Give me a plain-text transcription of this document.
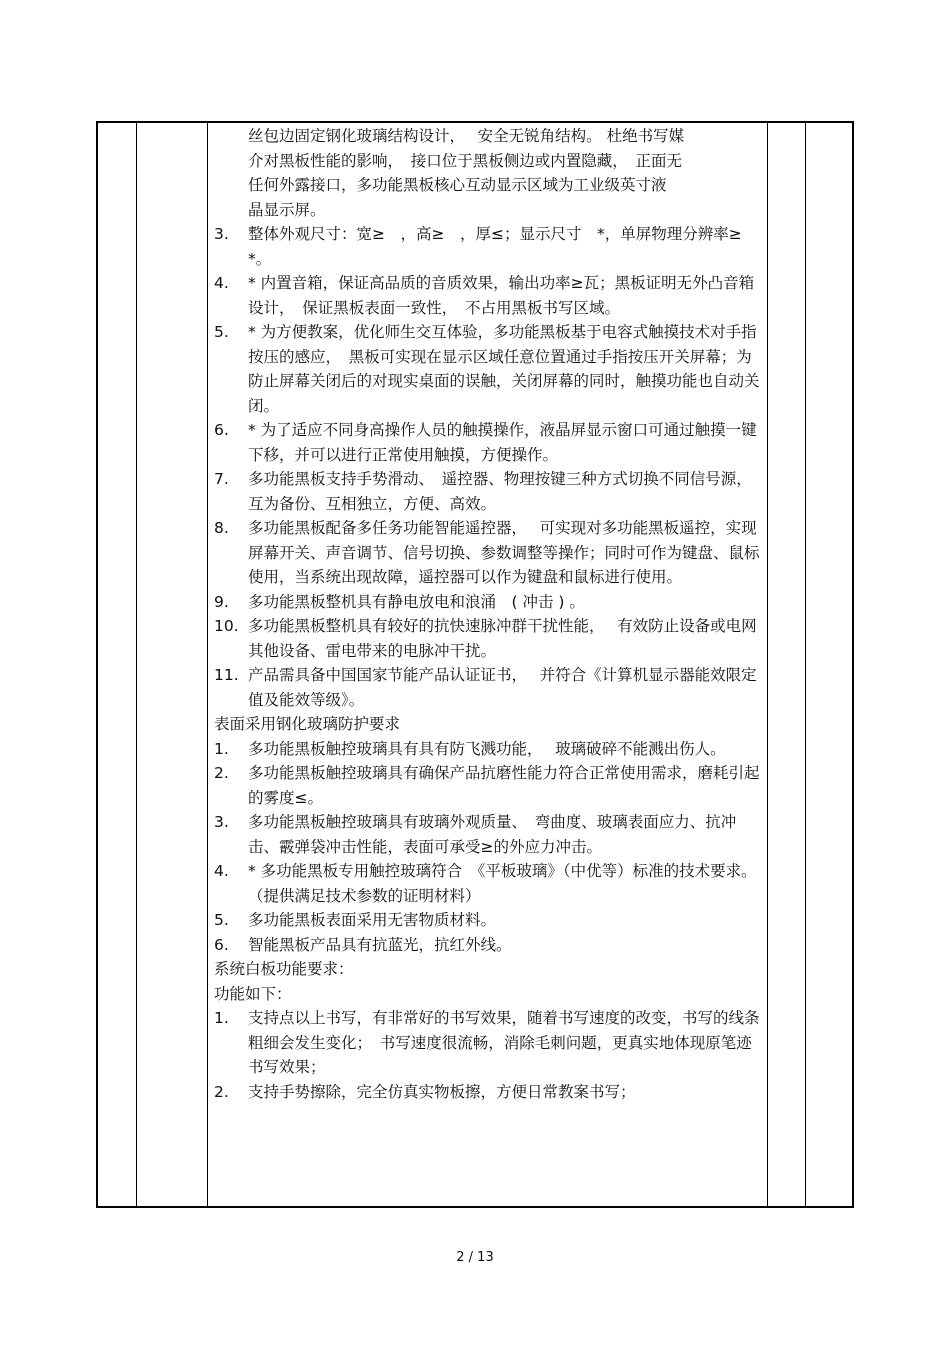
丝包边固定钢化玻璃结构设计，　 安全无锐角结构。 杜绝书写媒
介对黑板性能的影响，　接口位于黑板侧边或内置隐藏，　正面无
任何外露接口，多功能黑板核心互动显示区域为工业级英寸液
晶显示屏。
3.	整体外观尺寸：宽≥　，高≥　，厚≤；显示尺寸　*，单屏物理分辨率≥ *。
4.	* 内置音箱，保证高品质的音质效果，输出功率≥瓦；黑板证明无外凸音箱设计，　保证黑板表面一致性，　不占用黑板书写区域。
5.	* 为方便教案，优化师生交互体验，多功能黑板基于电容式触摸技术对手指按压的感应，　黑板可实现在显示区域任意位置通过手指按压开关屏幕；为防止屏幕关闭后的对现实桌面的误触，关闭屏幕的同时，触摸功能也自动关闭。
6.	* 为了适应不同身高操作人员的触摸操作，液晶屏显示窗口可通过触摸一键下移，并可以进行正常使用触摸，方便操作。
7.	多功能黑板支持手势滑动、　遥控器、物理按键三种方式切换不同信号源，互为备份、互相独立，方便、高效。
8.	多功能黑板配备多任务功能智能遥控器，　 可实现对多功能黑板遥控，实现屏幕开关、声音调节、信号切换、参数调整等操作；同时可作为键盘、鼠标使用，当系统出现故障，遥控器可以作为键盘和鼠标进行使用。
9.	多功能黑板整机具有静电放电和浪涌　( 冲击 ) 。
10. 多功能黑板整机具有较好的抗快速脉冲群干扰性能，　 有效防止设备或电网其他设备、雷电带来的电脉冲干扰。
11. 产品需具备中国国家节能产品认证证书，　 并符合《计算机显示器能效限定值及能效等级》。
表面采用钢化玻璃防护要求
1.	多功能黑板触控玻璃具有具有防飞溅功能，　 玻璃破碎不能溅出伤人。
2.	多功能黑板触控玻璃具有确保产品抗磨性能力符合正常使用需求，磨耗引起的雾度≤。
3.	多功能黑板触控玻璃具有玻璃外观质量、　弯曲度、玻璃表面应力、抗冲击、霰弹袋冲击性能，表面可承受≥的外应力冲击。
4.	* 多功能黑板专用触控玻璃符合　《平板玻璃》（中优等）标准的技术要求。（提供满足技术参数的证明材料）
5.	多功能黑板表面采用无害物质材料。
6.	智能黑板产品具有抗蓝光，抗红外线。
系统白板功能要求：
功能如下：
1.	支持点以上书写，有非常好的书写效果，随着书写速度的改变，书写的线条粗细会发生变化；　书写速度很流畅，消除毛刺问题，更真实地体现原笔迹书写效果；
2.	支持手势擦除，完全仿真实物板擦，方便日常教案书写；
2 / 13
